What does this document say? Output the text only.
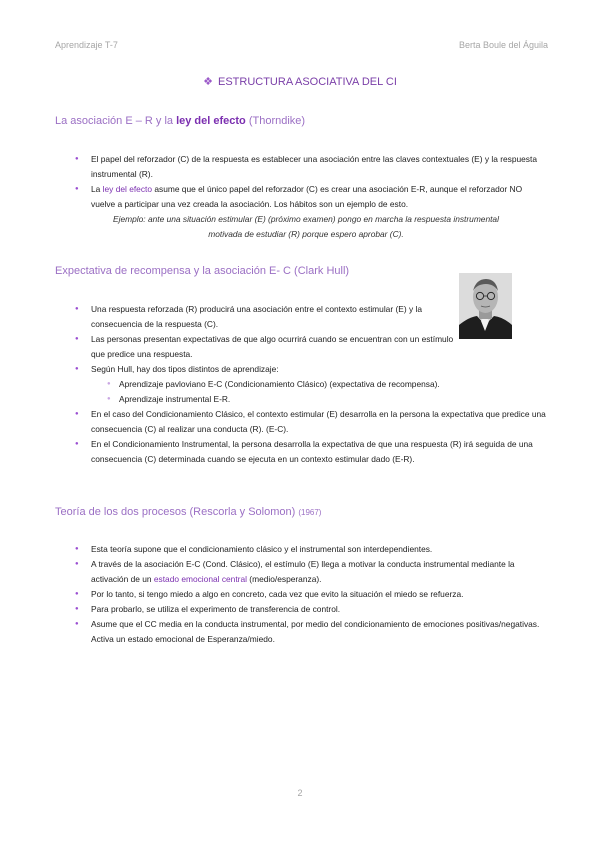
Aprendizaje T-7	Berta Boule del Águila
❖ ESTRUCTURA ASOCIATIVA DEL CI
La asociación E – R y la ley del efecto (Thorndike)
● El papel del reforzador (C) de la respuesta es establecer una asociación entre las claves contextuales (E) y la respuesta instrumental (R).
● La ley del efecto asume que el único papel del reforzador (C) es crear una asociación E-R, aunque el reforzador NO vuelve a participar una vez creada la asociación. Los hábitos son un ejemplo de esto.
Ejemplo: ante una situación estimular (E) (próximo examen) pongo en marcha la respuesta instrumental motivada de estudiar (R) porque espero aprobar (C).
Expectativa de recompensa y la asociación E- C (Clark Hull)
● Una respuesta reforzada (R) producirá una asociación entre el contexto estimular (E) y la consecuencia de la respuesta (C).
● Las personas presentan expectativas de que algo ocurrirá cuando se encuentran con un estímulo que predice una respuesta.
● Según Hull, hay dos tipos distintos de aprendizaje:
● Aprendizaje pavloviano E-C (Condicionamiento Clásico) (expectativa de recompensa).
● Aprendizaje instrumental E-R.
● En el caso del Condicionamiento Clásico, el contexto estimular (E) desarrolla en la persona la expectativa que predice una consecuencia (C) al realizar una conducta (R). (E-C).
● En el Condicionamiento Instrumental, la persona desarrolla la expectativa de que una respuesta (R) irá seguida de una consecuencia (C) determinada cuando se ejecuta en un contexto estimular dado (E-R).
Teoría de los dos procesos (Rescorla y Solomon) (1967)
● Esta teoría supone que el condicionamiento clásico y el instrumental son interdependientes.
● A través de la asociación E-C (Cond. Clásico), el estímulo (E) llega a motivar la conducta instrumental mediante la activación de un estado emocional central (medio/esperanza).
● Por lo tanto, si tengo miedo a algo en concreto, cada vez que evito la situación el miedo se refuerza.
● Para probarlo, se utiliza el experimento de transferencia de control.
● Asume que el CC media en la conducta instrumental, por medio del condicionamiento de emociones positivas/negativas. Activa un estado emocional de Esperanza/miedo.
2
